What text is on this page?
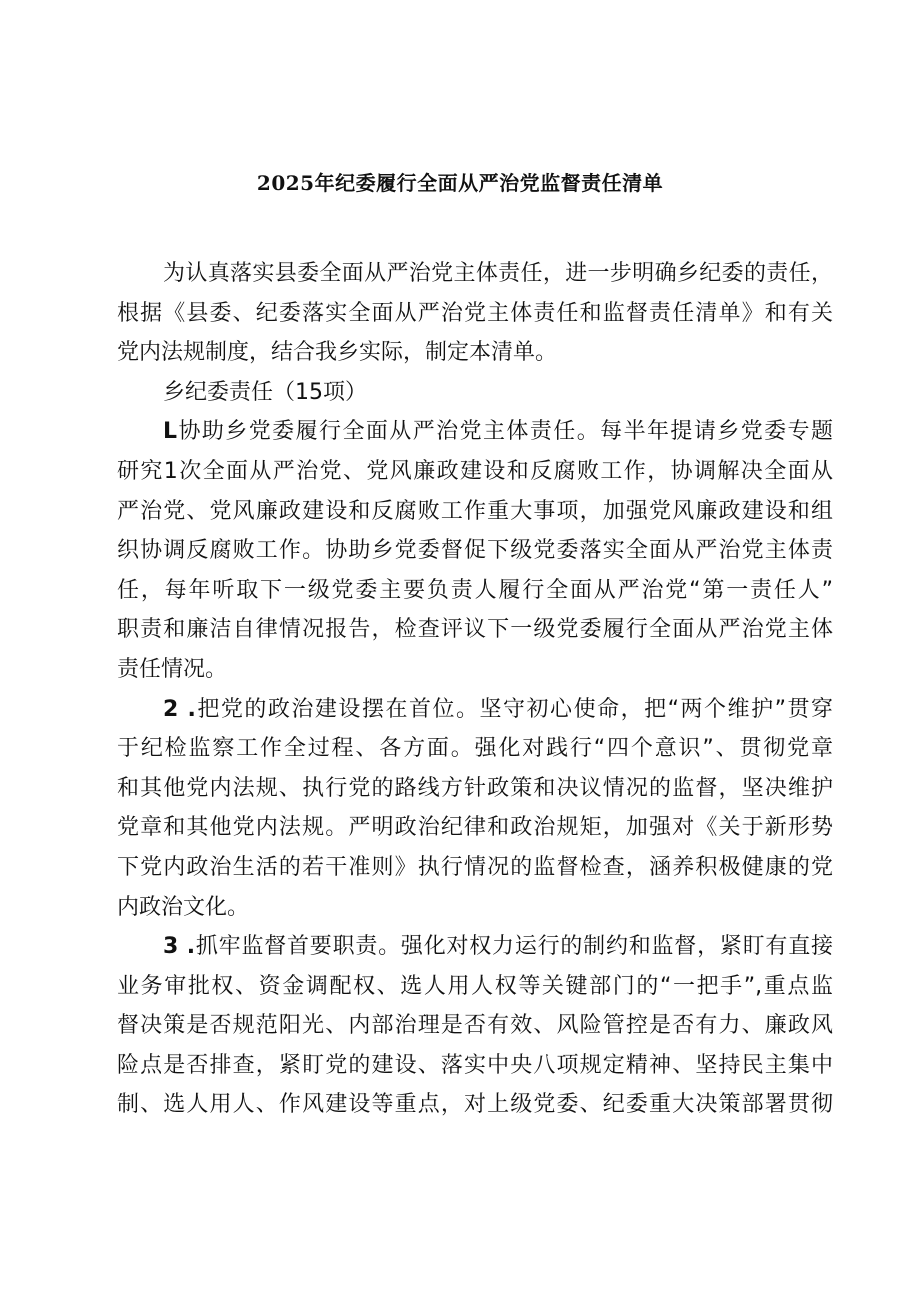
2025年纪委履行全面从严治党监督责任清单
为认真落实县委全面从严治党主体责任，进一步明确乡纪委的责任，
根据《县委、纪委落实全面从严治党主体责任和监督责任清单》和有关
党内法规制度，结合我乡实际，制定本清单。
乡纪委责任（15项）
L协助乡党委履行全面从严治党主体责任。每半年提请乡党委专题
研究1次全面从严治党、党风廉政建设和反腐败工作，协调解决全面从
严治党、党风廉政建设和反腐败工作重大事项，加强党风廉政建设和组
织协调反腐败工作。协助乡党委督促下级党委落实全面从严治党主体责
任，每年听取下一级党委主要负责人履行全面从严治党“第一责任人”
职责和廉洁自律情况报告，检查评议下一级党委履行全面从严治党主体
责任情况。
2 .把党的政治建设摆在首位。坚守初心使命，把“两个维护”贯穿
于纪检监察工作全过程、各方面。强化对践行“四个意识”、贯彻党章
和其他党内法规、执行党的路线方针政策和决议情况的监督，坚决维护
党章和其他党内法规。严明政治纪律和政治规矩，加强对《关于新形势
下党内政治生活的若干准则》执行情况的监督检查，涵养积极健康的党
内政治文化。
3 .抓牢监督首要职责。强化对权力运行的制约和监督，紧盯有直接
业务审批权、资金调配权、选人用人权等关键部门的“一把手”,重点监
督决策是否规范阳光、内部治理是否有效、风险管控是否有力、廉政风
险点是否排查，紧盯党的建设、落实中央八项规定精神、坚持民主集中
制、选人用人、作风建设等重点，对上级党委、纪委重大决策部署贯彻
